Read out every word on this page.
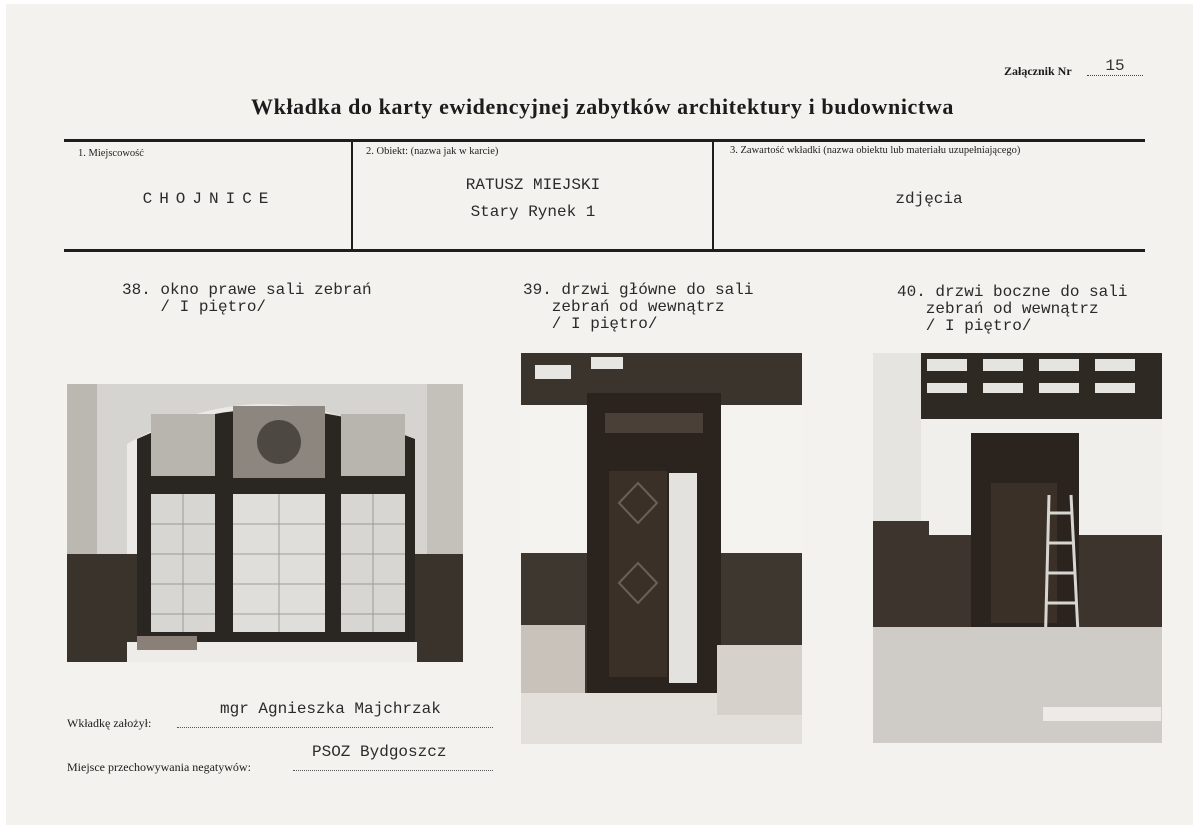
Załącznik Nr	15
Wkładka do karty ewidencyjnej zabytków architektury i budownictwa
1. Miejscowość
CHOJNICE
2. Obiekt: (nazwa jak w karcie)
RATUSZ MIEJSKI
Stary Rynek 1
3. Zawartość wkładki (nazwa obiektu lub materiału uzupełniającego)
zdjęcia
38. okno prawe sali zebrań
/ I piętro/
39. drzwi główne do sali
zebrań od wewnątrz
/ I piętro/
40. drzwi boczne do sali
zebrań od wewnątrz
/ I piętro/
Wkładkę założył:
mgr Agnieszka Majchrzak
Miejsce przechowywania negatywów:
PSOZ Bydgoszcz
